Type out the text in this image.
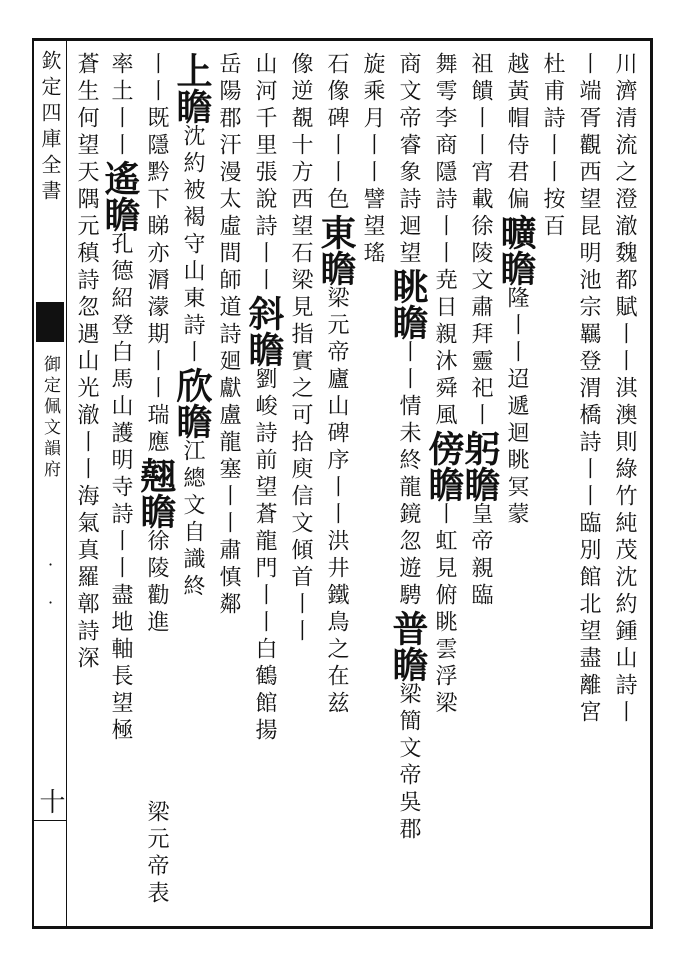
欽定四庫全書
御定佩文韻府
· ·
十
川濟清流之澄澈魏都賦丨丨淇澳則綠竹純茂沈約鍾山詩丨
丨端胥觀西望昆明池宗羈登渭橋詩丨丨臨別館北望盡離宮
杜甫詩丨丨按百
越黃帽侍君偏曠瞻隆丨丨迢遞迴眺冥蒙
祖饋丨丨宵載徐陵文肅拜靈祀丨躬瞻皇帝親臨
舞雩李商隱詩丨丨尭日親沐舜風傍瞻丨虹見俯眺雲浮梁
商文帝睿象詩迴望眺瞻丨丨情未終龍鏡忽遊騁普瞻梁簡文帝吳郡
旋乘月丨丨譬望瑤
石像碑丨丨色東瞻梁元帝廬山碑序丨丨洪井鐵鳥之在兹
像逆覩十方西望石梁見指實之可拾庾信文傾首丨丨
山河千里張說詩丨丨斜瞻劉峻詩前望蒼龍門丨丨白鶴館揚
岳陽郡汗漫太虛間師道詩廻獻盧龍塞丨丨肅慎鄰
上瞻沈約被褐守山東詩丨欣瞻江總文自識終
丨丨既隱黔下睇亦漘濛期丨丨瑞應翹瞻徐陵勸進
梁元帝表
率土丨丨遙瞻孔德紹登白馬山護明寺詩丨丨盡地軸長望極
蒼生何望天隅元稹詩忽遇山光澈丨丨海氣真羅鄣詩深
